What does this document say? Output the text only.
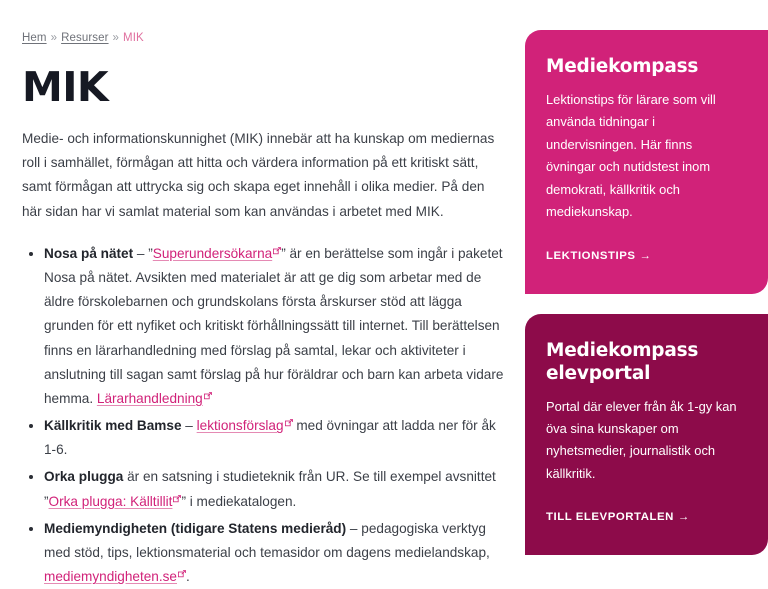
Hem » Resurser » MIK
MIK

Medie- och informationskunnighet (MIK) innebär att ha kunskap om mediernas roll i samhället, förmågan att hitta och värdera information på ett kritiskt sätt, samt förmågan att uttrycka sig och skapa eget innehåll i olika medier. På den här sidan har vi samlat material som kan användas i arbetet med MIK.

Nosa på nätet – ”Superundersökarna ” är en berättelse som ingår i paketet Nosa på nätet. Avsikten med materialet är att ge dig som arbetar med de äldre förskolebarnen och grundskolans första årskurser stöd att lägga grunden för ett nyfiket och kritiskt förhållningssätt till internet. Till berättelsen finns en lärarhandledning med förslag på samtal, lekar och aktiviteter i anslutning till sagan samt förslag på hur föräldrar och barn kan arbeta vidare hemma. Lärarhandledning
Källkritik med Bamse – lektionsförslag
med övningar att ladda ner för åk 1-6.
Orka plugga är en satsning i studieteknik från UR. Se till exempel avsnittet ”Orka plugga: Källtillit ” i mediekatalogen.
Mediemyndigheten (tidigare Statens medieråd) – pedagogiska verktyg med stöd, tips, lektionsmaterial och temasidor om dagens medielandskap, mediemyndigheten.se .
Mediekompass

Lektionstips för lärare som vill använda tidningar i undervisningen. Här finns övningar och nutidstest inom demokrati, källkritik och mediekunskap.

LEKTIONSTIPS →
Mediekompass elevportal

Portal där elever från åk 1-gy kan öva sina kunskaper om nyhetsmedier, journalistik och källkritik.

TILL ELEVPORTALEN →
